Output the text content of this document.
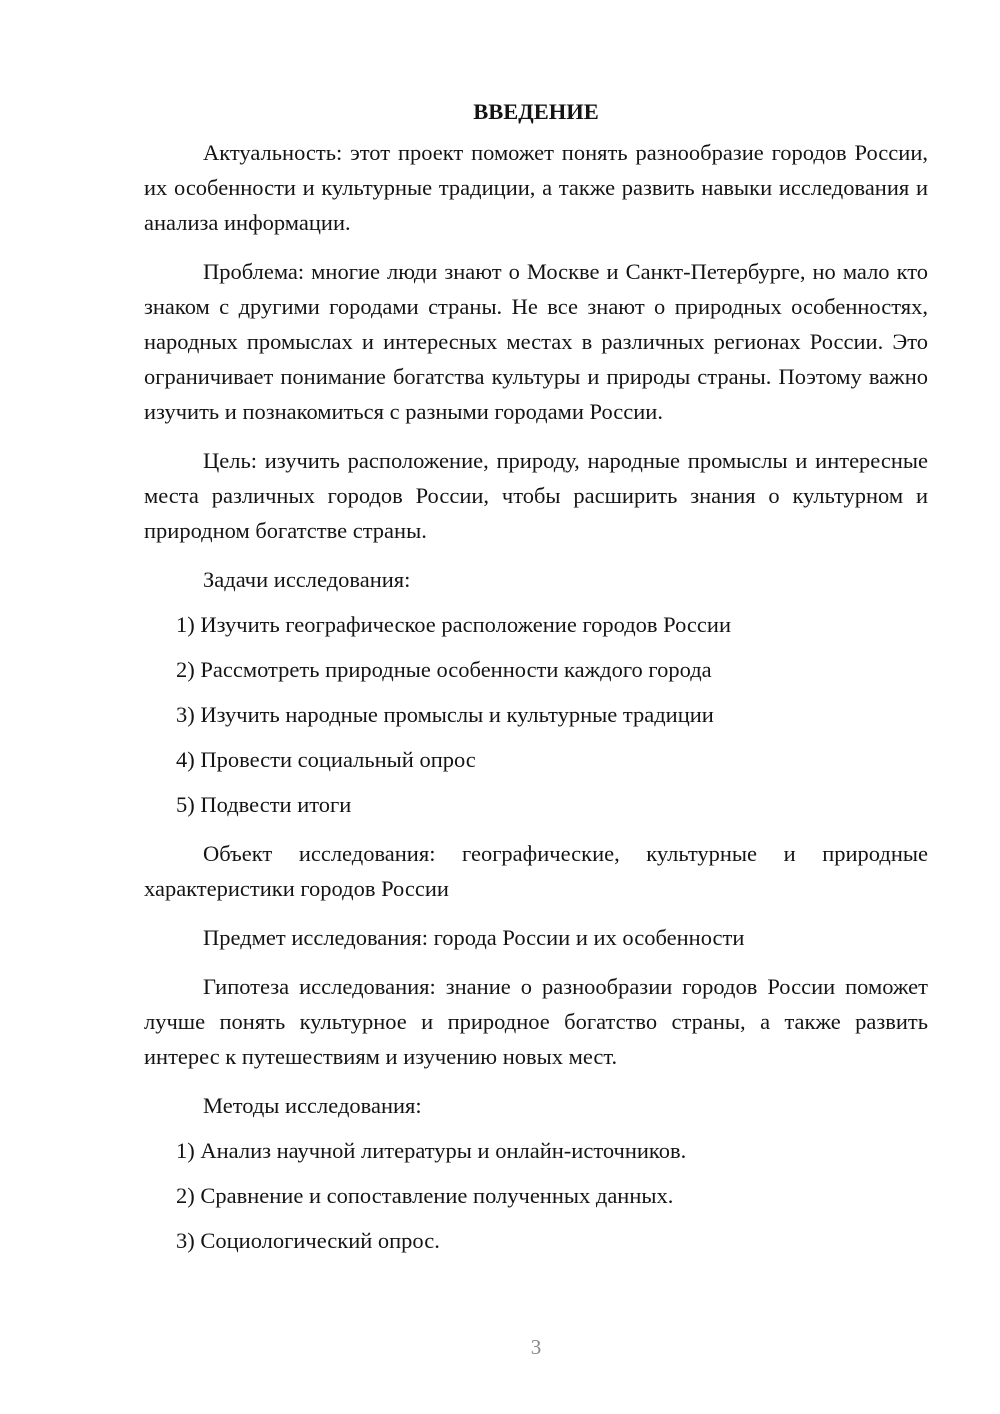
ВВЕДЕНИЕ

Актуальность: этот проект поможет понять разнообразие городов России, их особенности и культурные традиции, а также развить навыки исследования и анализа информации.

Проблема: многие люди знают о Москве и Санкт-Петербурге, но мало кто знаком с другими городами страны. Не все знают о природных особенностях, народных промыслах и интересных местах в различных регионах России. Это ограничивает понимание богатства культуры и природы страны. Поэтому важно изучить и познакомиться с разными городами России.

Цель: изучить расположение, природу, народные промыслы и интересные места различных городов России, чтобы расширить знания о культурном и природном богатстве страны.

Задачи исследования:

1) Изучить географическое расположение городов России

2) Рассмотреть природные особенности каждого города

3) Изучить народные промыслы и культурные традиции

4) Провести социальный опрос

5) Подвести итоги

Объект исследования: географические, культурные и природные характеристики городов России

Предмет исследования: города России и их особенности

Гипотеза исследования: знание о разнообразии городов России поможет лучше понять культурное и природное богатство страны, а также развить интерес к путешествиям и изучению новых мест.

Методы исследования:

1) Анализ научной литературы и онлайн-источников.

2) Сравнение и сопоставление полученных данных.

3) Социологический опрос.

3
